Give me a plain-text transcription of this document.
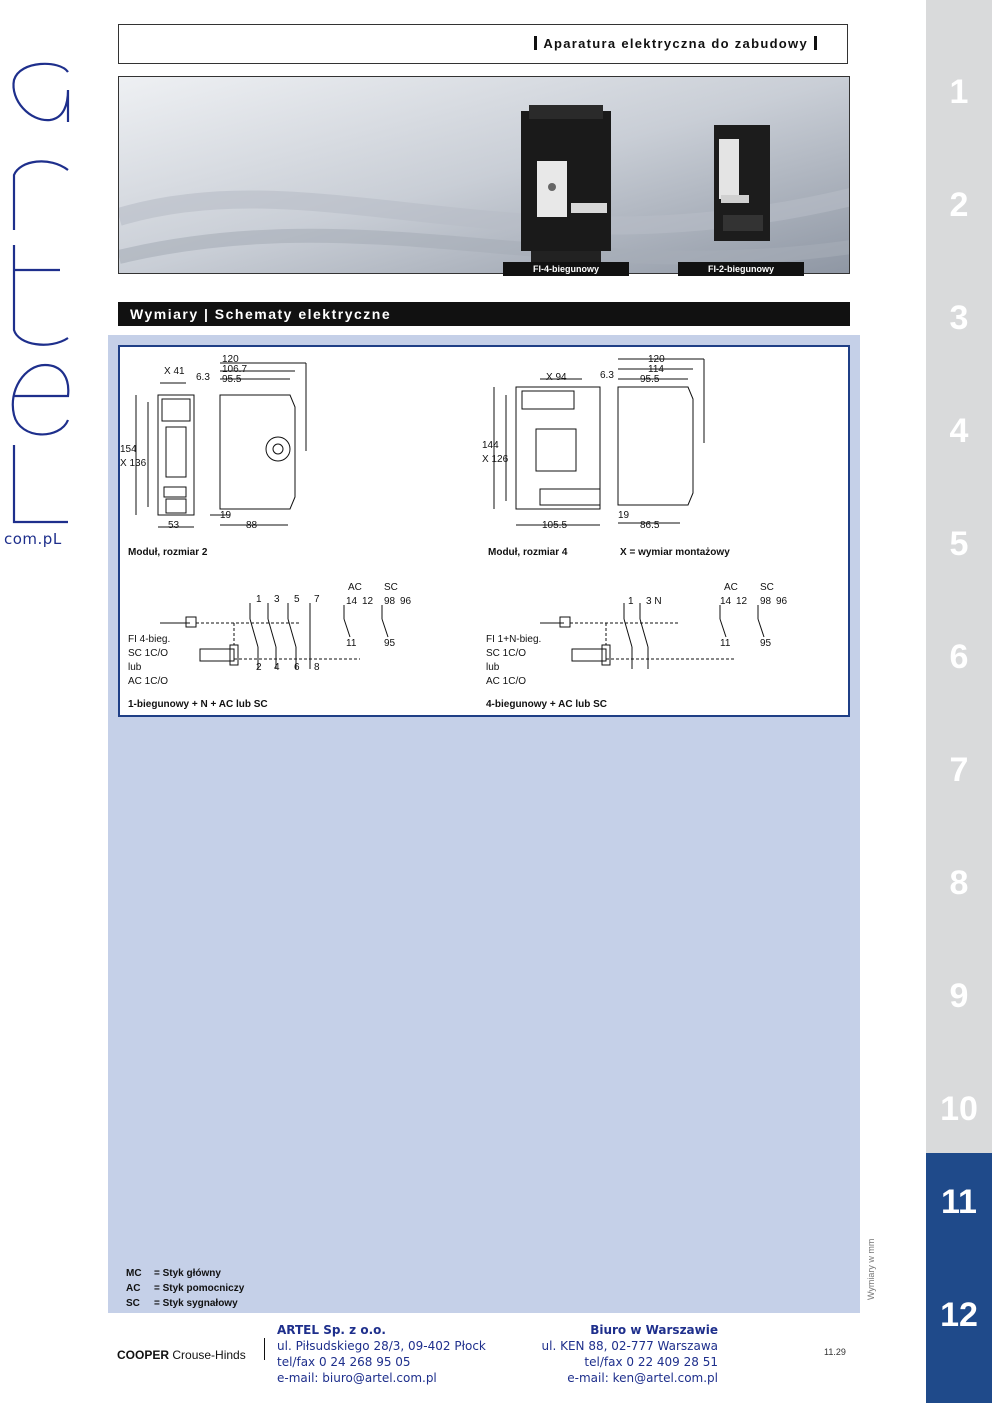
com.pL
Aparatura elektryczna do zabudowy
FI-4-biegunowy	FI-2-biegunowy
Wymiary | Schematy elektryczne
120
106.7
95.5
X 41
6.3
154
X 136
53
19
88
Moduł, rozmiar 2
120
114
95.5
X 94	6.3
144
X 126
105.5
19
86.5
Moduł, rozmiar 4	X = wymiar montażowy
1 3 5 7
2 4 6 8
AC SC
14 12 98 96
11	95
FI 4-bieg.
SC 1C/O
lub
AC 1C/O
1-biegunowy + N + AC lub SC
1 3 N
AC SC
14 12 98 96
11	95
FI 1+N-bieg.
SC 1C/O
lub
AC 1C/O
4-biegunowy + AC lub SC
MC = Styk główny
AC = Styk pomocniczy
SC = Styk sygnałowy
Wymiary w mm
COOPER Crouse-Hinds
ARTEL Sp. z o.o.
ul. Piłsudskiego 28/3, 09-402 Płock
tel/fax 0 24 268 95 05
e-mail: biuro@artel.com.pl
Biuro w Warszawie
ul. KEN 88, 02-777 Warszawa
tel/fax 0 22 409 28 51
e-mail: ken@artel.com.pl
11.29
1
2
3
4
5
6
7
8
9
10
11
12
